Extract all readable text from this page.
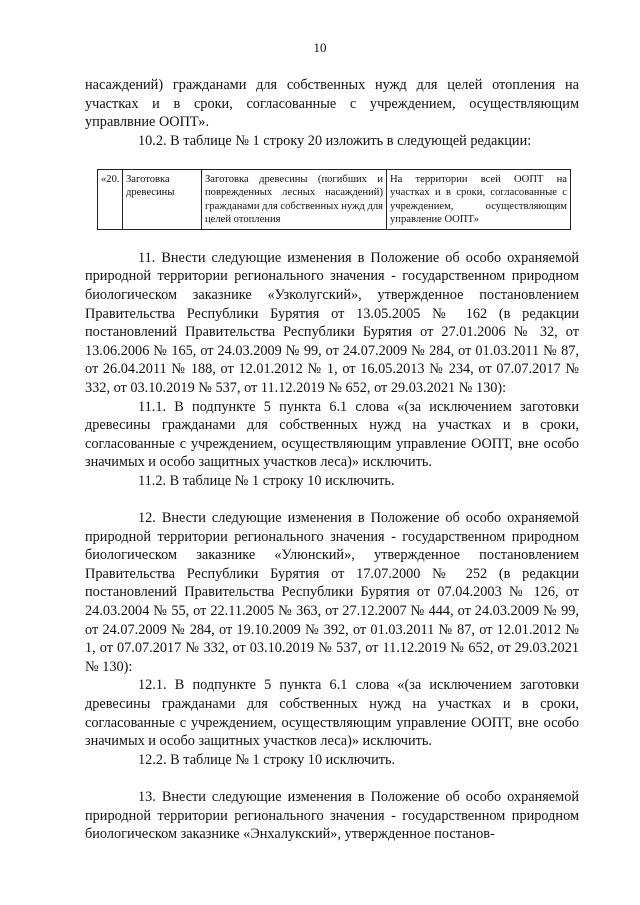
10

насаждений) гражданами для собственных нужд для целей отопления на участках и в сроки, согласованные с учреждением, осуществляющим управлвние ООПТ».

10.2. В таблице № 1 строку 20 изложить в следующей редакции:

«20.	Заготовка древесины	Заготовка древесины (погибших и поврежденных лесных насаждений) гражданами для собственных нужд для целей отопления	На территории всей ООПТ на участках и в сроки, согласованные с учреждением, осуществляющим управление ООПТ»

11. Внести следующие изменения в Положение об особо охраняемой природной территории регионального значения - государственном природном биологическом заказнике «Узколугский», утвержденное постановлением Правительства Республики Бурятия от 13.05.2005 № 162 (в редакции постановлений Правительства Республики Бурятия от 27.01.2006 № 32, от 13.06.2006 № 165, от 24.03.2009 № 99, от 24.07.2009 № 284, от 01.03.2011 № 87, от 26.04.2011 № 188, от 12.01.2012 № 1, от 16.05.2013 № 234, от 07.07.2017 № 332, от 03.10.2019 № 537, от 11.12.2019 № 652, от 29.03.2021 № 130):

11.1. В подпункте 5 пункта 6.1 слова «(за исключением заготовки древесины гражданами для собственных нужд на участках и в сроки, согласованные с учреждением, осуществляющим управление ООПТ, вне особо значимых и особо защитных участков леса)» исключить.

11.2. В таблице № 1 строку 10 исключить.

12. Внести следующие изменения в Положение об особо охраняемой природной территории регионального значения - государственном природном биологическом заказнике «Улюнский», утвержденное постановлением Правительства Республики Бурятия от 17.07.2000 № 252 (в редакции постановлений Правительства Республики Бурятия от 07.04.2003 № 126, от 24.03.2004 № 55, от 22.11.2005 № 363, от 27.12.2007 № 444, от 24.03.2009 № 99, от 24.07.2009 № 284, от 19.10.2009 № 392, от 01.03.2011 № 87, от 12.01.2012 № 1, от 07.07.2017 № 332, от 03.10.2019 № 537, от 11.12.2019 № 652, от 29.03.2021 № 130):

12.1. В подпункте 5 пункта 6.1 слова «(за исключением заготовки древесины гражданами для собственных нужд на участках и в сроки, согласованные с учреждением, осуществляющим управление ООПТ, вне особо значимых и особо защитных участков леса)» исключить.

12.2. В таблице № 1 строку 10 исключить.

13. Внести следующие изменения в Положение об особо охраняемой природной территории регионального значения - государственном природном биологическом заказнике «Энхалукский», утвержденное постанов-
